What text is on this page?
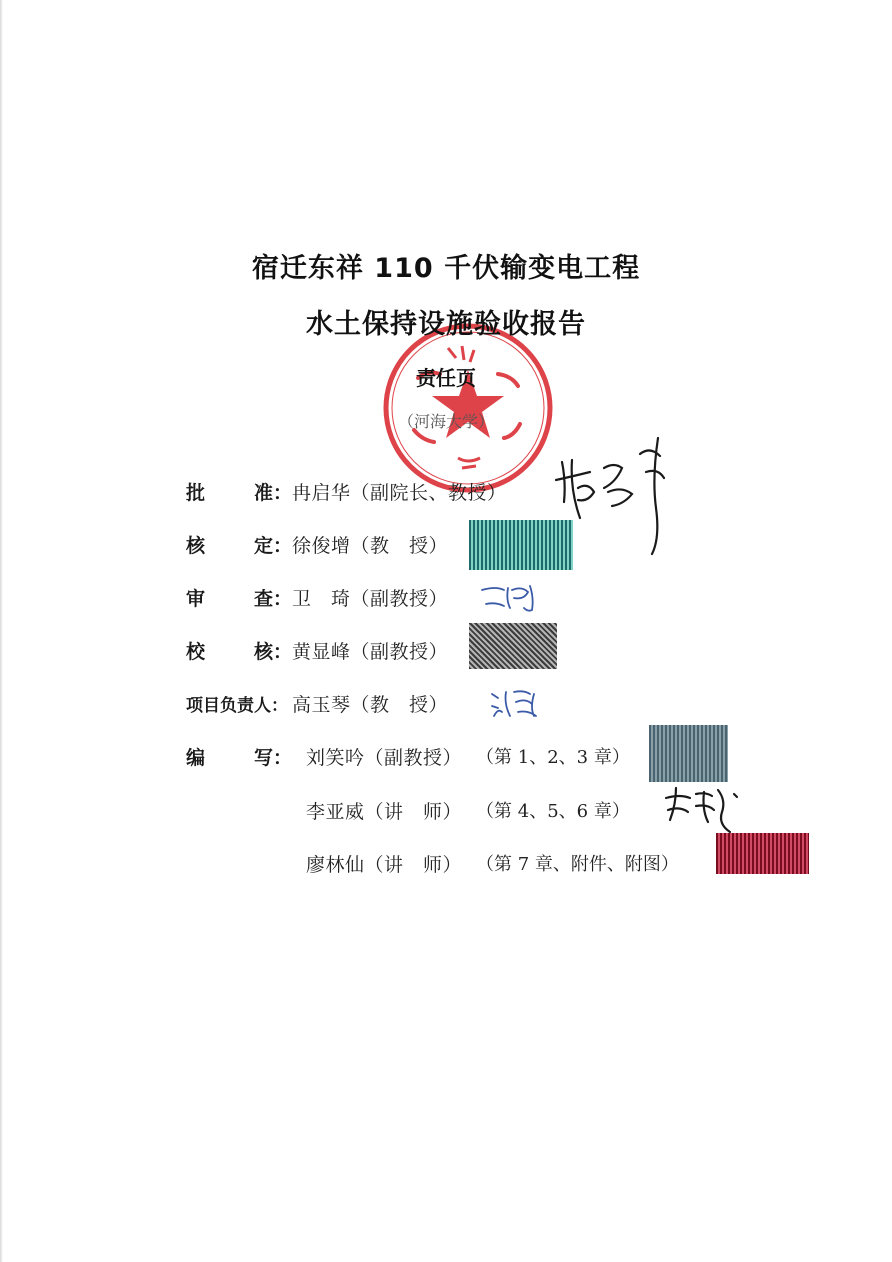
宿迁东祥 110 千伏输变电工程
水土保持设施验收报告
责任页
（河海大学）
批	准： 冉启华（副院长、教授）
核	定： 徐俊增（教　授）
审	查： 卫　琦（副教授）
校	核： 黄显峰（副教授）
项目负责人： 高玉琴（教　授）
编	写： 刘笑吟（副教授） （第 1、2、3 章）
李亚威（讲　师） （第 4、5、6 章）
廖林仙（讲　师） （第 7 章、附件、附图）
